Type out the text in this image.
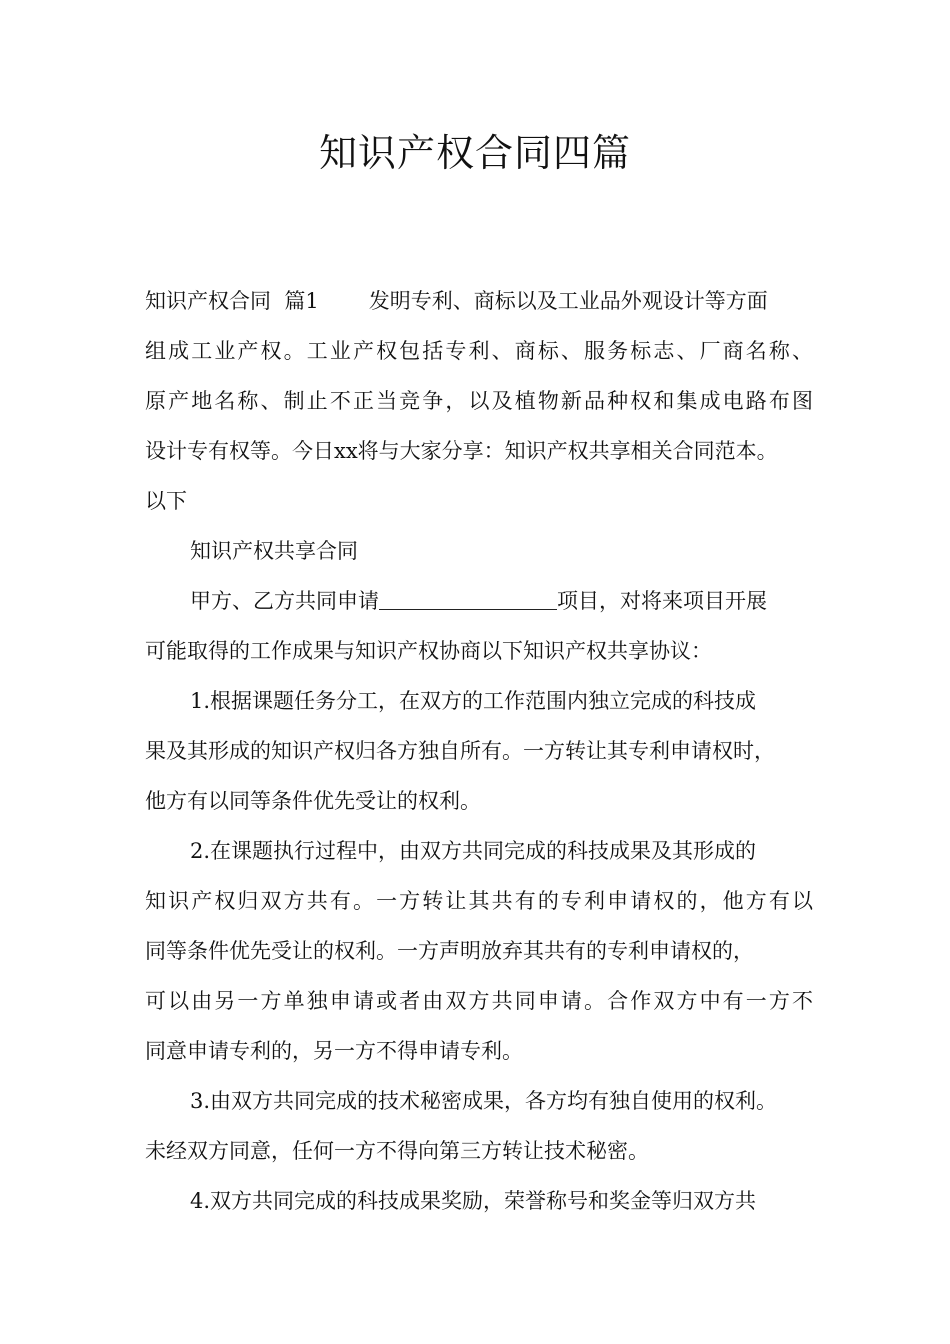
知识产权合同四篇
知识产权合同  篇1 发明专利、商标以及工业品外观设计等方面
组成工业产权。工业产权包括专利、商标、服务标志、厂商名称、
原产地名称、制止不正当竞争，以及植物新品种权和集成电路布图
设计专有权等。今日xx将与大家分享：知识产权共享相关合同范本。
以下
知识产权共享合同
甲方、乙方共同申请	项目，对将来项目开展
可能取得的工作成果与知识产权协商以下知识产权共享协议：
1.根据课题任务分工，在双方的工作范围内独立完成的科技成
果及其形成的知识产权归各方独自所有。一方转让其专利申请权时，
他方有以同等条件优先受让的权利。
2.在课题执行过程中，由双方共同完成的科技成果及其形成的
知识产权归双方共有。一方转让其共有的专利申请权的，他方有以
同等条件优先受让的权利。一方声明放弃其共有的专利申请权的，
可以由另一方单独申请或者由双方共同申请。合作双方中有一方不
同意申请专利的，另一方不得申请专利。
3.由双方共同完成的技术秘密成果，各方均有独自使用的权利。
未经双方同意，任何一方不得向第三方转让技术秘密。
4.双方共同完成的科技成果奖励，荣誉称号和奖金等归双方共
